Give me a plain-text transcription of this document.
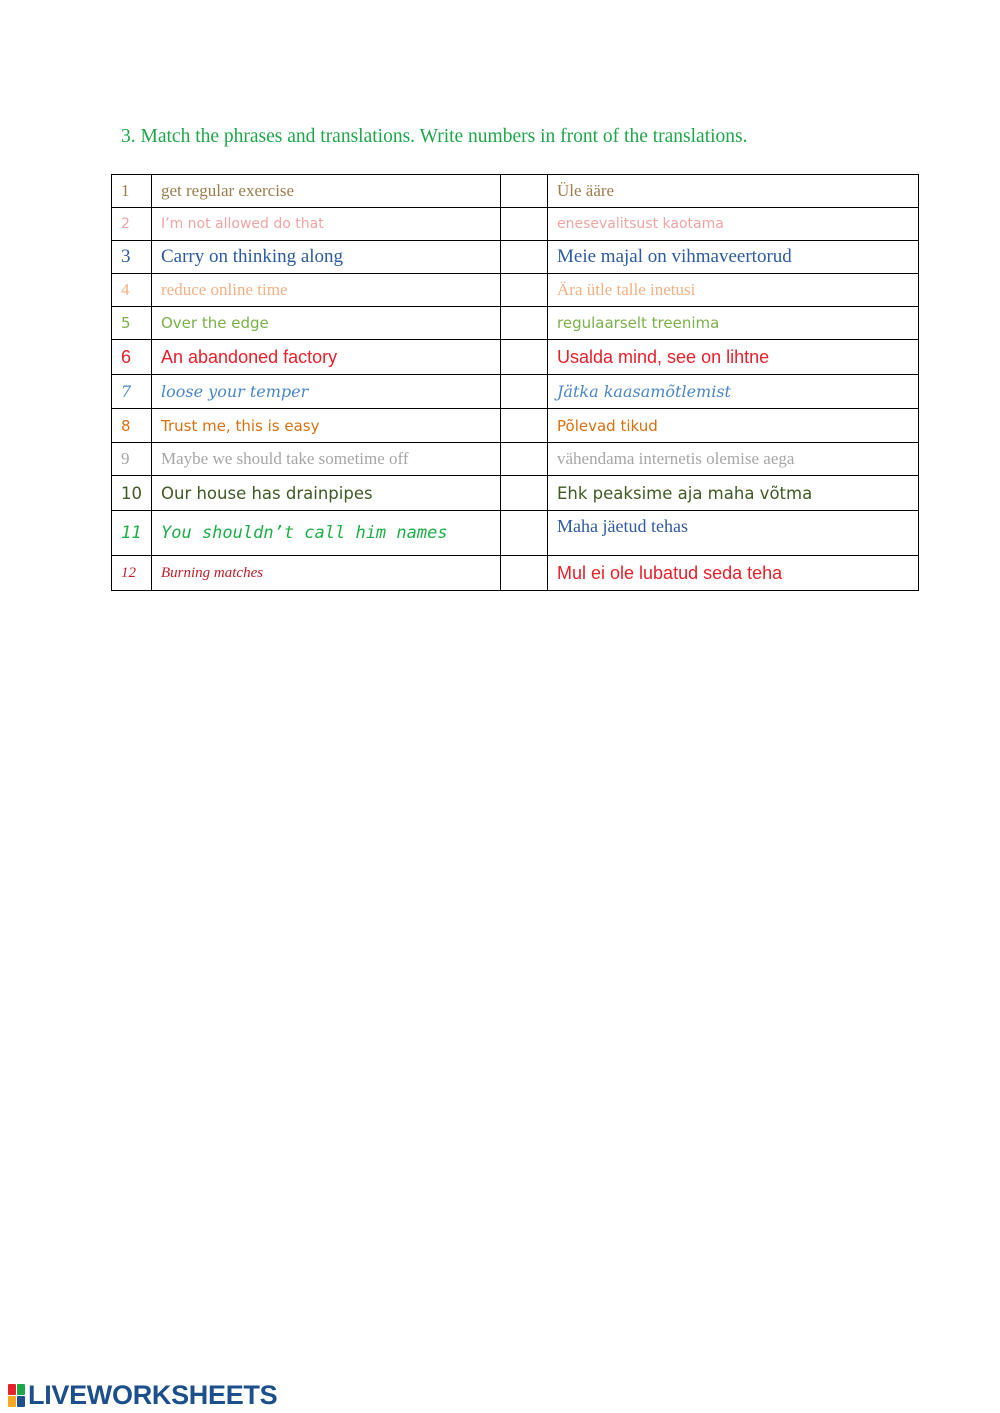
3. Match the phrases and translations. Write numbers in front of the translations.
1	get regular exercise		Üle ääre
2	I’m not allowed do that		enesevalitsust kaotama
3	Carry on thinking along		Meie majal on vihmaveertorud
4	reduce online time		Ära ütle talle inetusi
5	Over the edge		regulaarselt treenima
6	An abandoned factory		Usalda mind, see on lihtne
7	loose your temper		Jätka kaasamõtlemist
8	Trust me, this is easy		Põlevad tikud
9	Maybe we should take sometime off		vähendama internetis olemise aega
10	Our house has drainpipes		Ehk peaksime aja maha võtma
11	You shouldn’t call him names		Maha jäetud tehas
12	Burning matches		Mul ei ole lubatud seda teha
LIVEWORKSHEETS
